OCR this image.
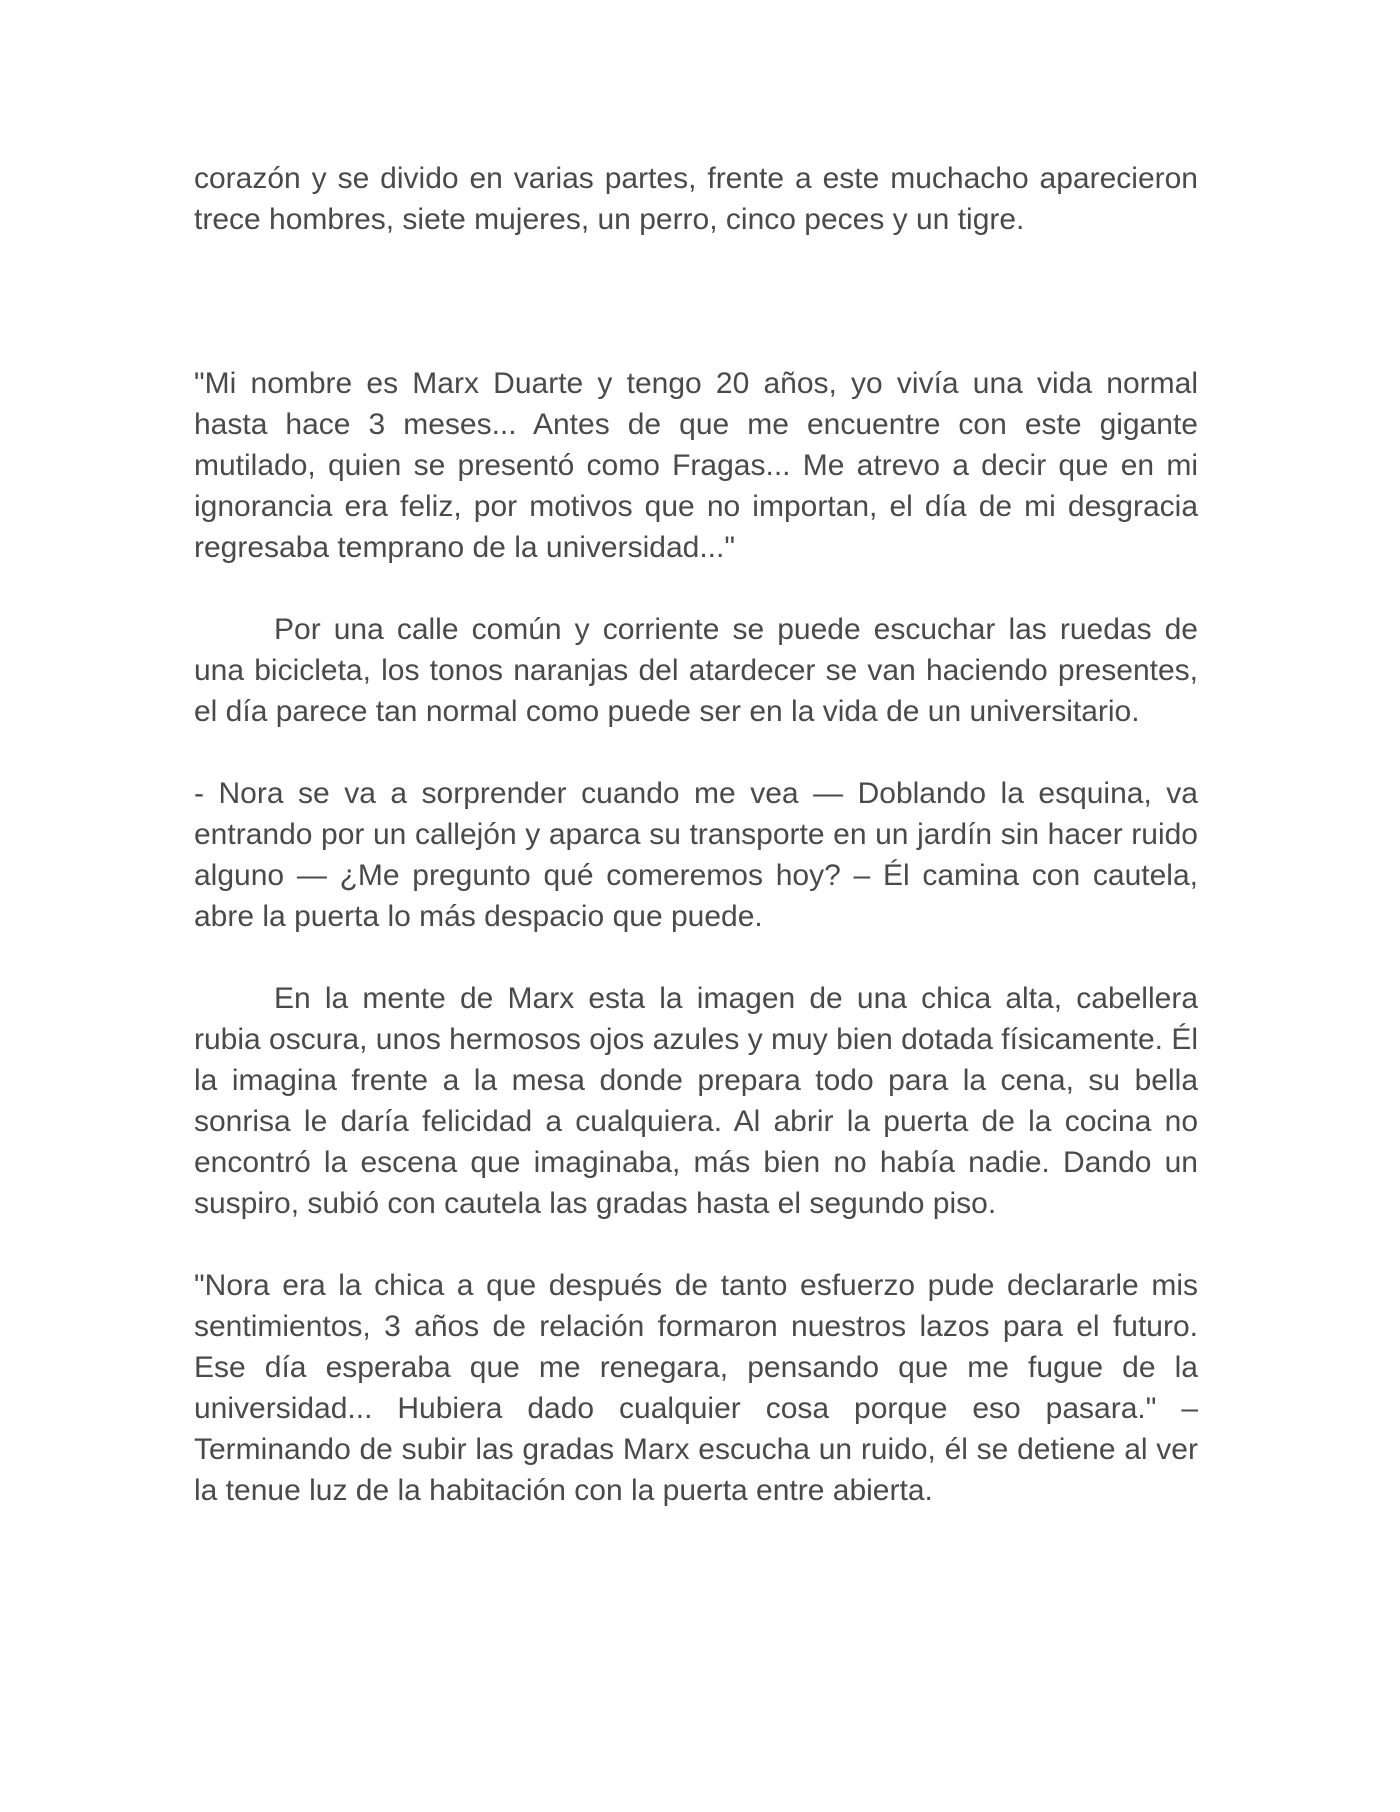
corazón y se divido en varias partes, frente a este muchacho aparecieron trece hombres, siete mujeres, un perro, cinco peces y un tigre.

"Mi nombre es Marx Duarte y tengo 20 años, yo vivía una vida normal hasta hace 3 meses... Antes de que me encuentre con este gigante mutilado, quien se presentó como Fragas... Me atrevo a decir que en mi ignorancia era feliz, por motivos que no importan, el día de mi desgracia regresaba temprano de la universidad..."

Por una calle común y corriente se puede escuchar las ruedas de una bicicleta, los tonos naranjas del atardecer se van haciendo presentes, el día parece tan normal como puede ser en la vida de un universitario.

- Nora se va a sorprender cuando me vea — Doblando la esquina, va entrando por un callejón y aparca su transporte en un jardín sin hacer ruido alguno — ¿Me pregunto qué comeremos hoy? – Él camina con cautela, abre la puerta lo más despacio que puede.

En la mente de Marx esta la imagen de una chica alta, cabellera rubia oscura, unos hermosos ojos azules y muy bien dotada físicamente. Él la imagina frente a la mesa donde prepara todo para la cena, su bella sonrisa le daría felicidad a cualquiera. Al abrir la puerta de la cocina no encontró la escena que imaginaba, más bien no había nadie. Dando un suspiro, subió con cautela las gradas hasta el segundo piso.

"Nora era la chica a que después de tanto esfuerzo pude declararle mis sentimientos, 3 años de relación formaron nuestros lazos para el futuro. Ese día esperaba que me renegara, pensando que me fugue de la universidad... Hubiera dado cualquier cosa porque eso pasara." – Terminando de subir las gradas Marx escucha un ruido, él se detiene al ver la tenue luz de la habitación con la puerta entre abierta.
